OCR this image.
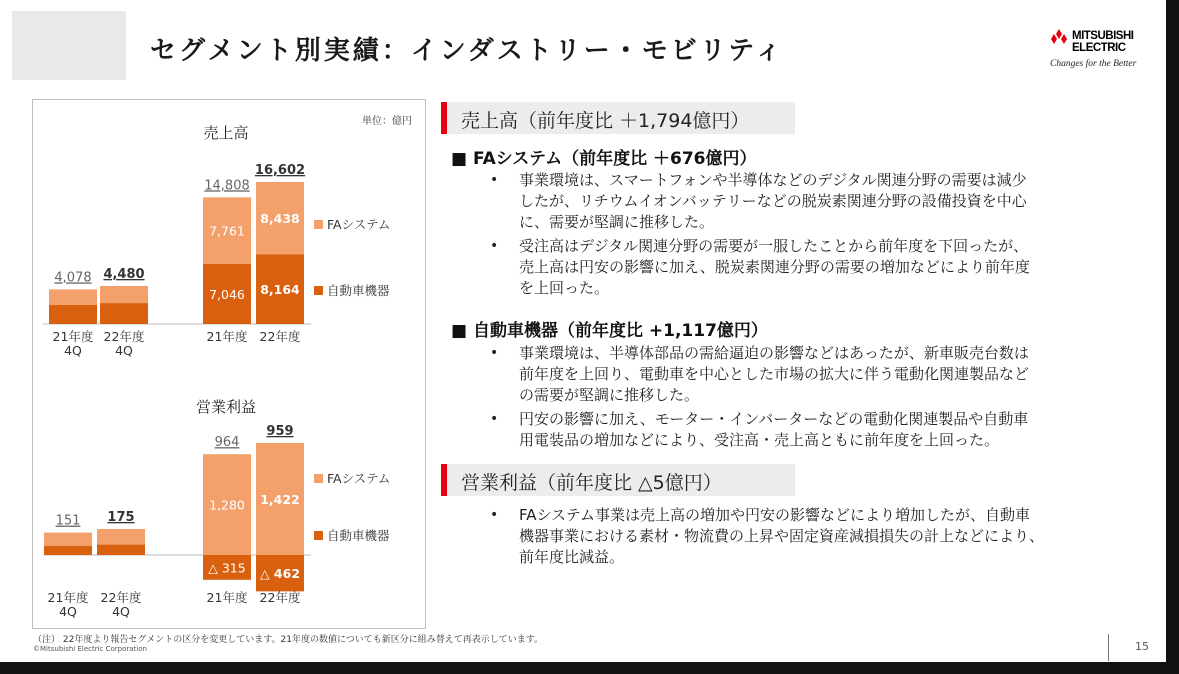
セグメント別実績：インダストリー・モビリティ	MITSUBISHI
ELECTRIC
Changes for the Better
単位：億円
売上高
4,078
21年度
4Q
4,480
22年度
4Q
7,046
7,761
14,808
21年度
8,164
8,438
16,602
22年度
FAシステム
自動車機器
営業利益
151
21年度
4Q
175
22年度
4Q
△ 315
1,280
964
21年度
△ 462
1,422
959
22年度
FAシステム
自動車機器
売上高（前年度比 ＋1,794億円）
■ FAシステム（前年度比 ＋676億円）
• 事業環境は、スマートフォンや半導体などのデジタル関連分野の需要は減少
したが、リチウムイオンバッテリーなどの脱炭素関連分野の設備投資を中心
に、需要が堅調に推移した。
• 受注高はデジタル関連分野の需要が一服したことから前年度を下回ったが、
売上高は円安の影響に加え、脱炭素関連分野の需要の増加などにより前年度
を上回った。
■ 自動車機器（前年度比 +1,117億円）
• 事業環境は、半導体部品の需給逼迫の影響などはあったが、新車販売台数は
前年度を上回り、電動車を中心とした市場の拡大に伴う電動化関連製品など
の需要が堅調に推移した。
• 円安の影響に加え、モーター・インバーターなどの電動化関連製品や自動車
用電装品の増加などにより、受注高・売上高ともに前年度を上回った。
営業利益（前年度比 △5億円）
• FAシステム事業は売上高の増加や円安の影響などにより増加したが、自動車
機器事業における素材・物流費の上昇や固定資産減損損失の計上などにより、
前年度比減益。
（注） 22年度より報告セグメントの区分を変更しています。21年度の数値についても新区分に組み替えて再表示しています。
©Mitsubishi Electric Corporation	15
